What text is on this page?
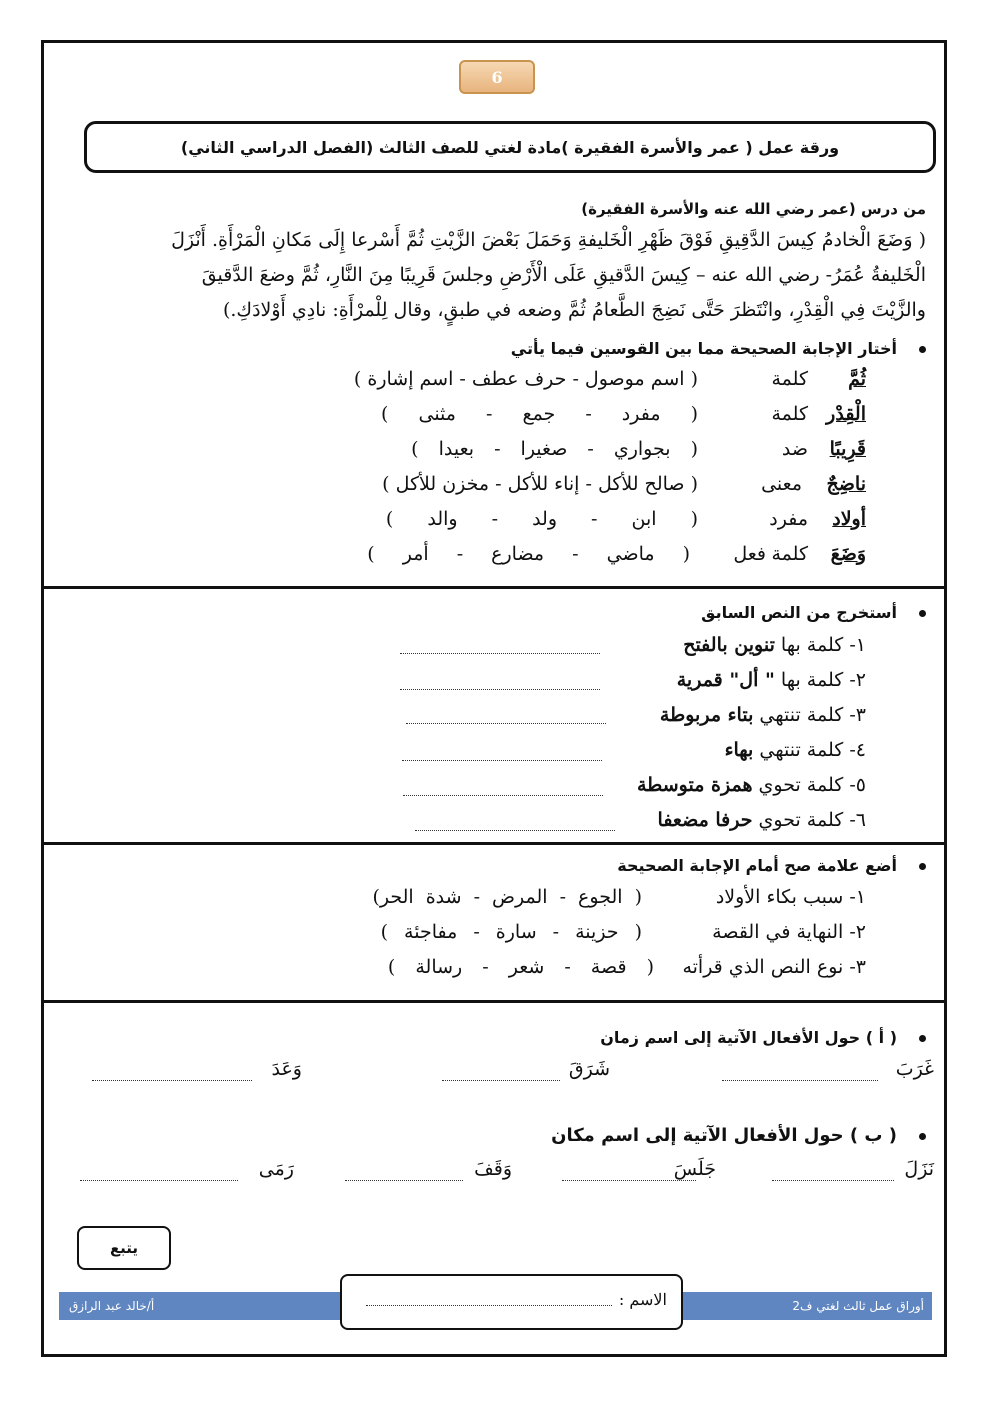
6
ورقة عمل ( عمر والأسرة الفقيرة )مادة لغتي للصف الثالث (الفصل الدراسي الثاني)
من درس (عمر رضي الله عنه والأسرة الفقيرة)
( وَضَعَ الْخادمُ كِيسَ الدَّقِيقِ فَوْقَ ظَهْرِ الْخَليفةِ وَحَمَلَ بَعْضَ الزَّيْتِ ثُمَّ أَسْرعا إِلَى مَكانِ الْمَرْأَةِ. أَنْزَلَ
الْخَليفةُ عُمَرُ- رضي الله عنه – كِيسَ الدَّقيقِ عَلَى الْأَرْضِ وجلسَ قَرِيبًا مِنَ النَّارِ، ثُمَّ وضعَ الدَّقيقَ
والزَّيْتَ فِي الْقِدْرِ، وانْتَظرَ حَتَّى نَضِجَ الطَّعامُ ثُمَّ وضعه في طبقٍ، وقال لِلْمرْأَةِ: نادِي أَوْلادَكِ.)
أختار الإجابة الصحيحة مما بين القوسين فيما يأتي
كلمة ثُمَّ
( اسم موصول - حرف عطف - اسم إشارة )
كلمة الْقِدْر
( مفرد - جمع - مثنى )
ضد قَرِيبًا
( بجواري - صغيرا - بعيدا )
معنى ناضِجٌ
( صالح للأكل - إناء للأكل - مخزن للأكل )
مفرد أولاد
( ابن - ولد - والد )
كلمة وَضَعَ
فعل
( ماضي - مضارع - أمر )
أستخرج من النص السابق
١- كلمة بها تنوين بالفتح
٢- كلمة بها " أل" قمرية
٣- كلمة تنتهي بتاء مربوطة
٤- كلمة تنتهي بهاء
٥- كلمة تحوي همزة متوسطة
٦- كلمة تحوي حرفا مضعفا
أضع علامة صح أمام الإجابة الصحيحة
١- سبب بكاء الأولاد
( الجوع - المرض - شدة الحر)
٢- النهاية في القصة
( حزينة - سارة - مفاجئة )
٣- نوع النص الذي قرأته
( قصة - شعر - رسالة )
( أ ) حول الأفعال الآتية إلى اسم زمان
غَرَبَ
شَرَقَ
وَعَدَ
( ب ) حول الأفعال الآتية إلى اسم مكان
نَزَلَ
جَلَسَ
وَقَفَ
رَمَى
يتبع
أوراق عمل ثالث لغتي ف2
أ/خالد عبد الرازق	الاسم :
